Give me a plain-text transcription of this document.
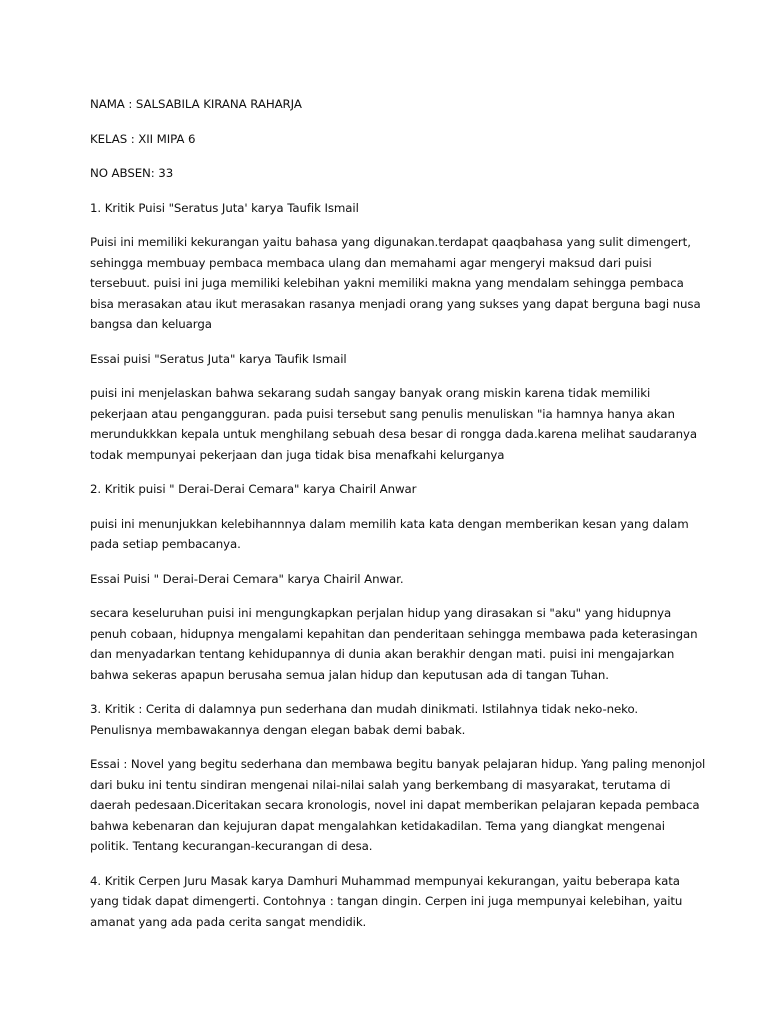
NAMA : SALSABILA KIRANA RAHARJA

KELAS : XII MIPA 6

NO ABSEN: 33

1. Kritik Puisi "Seratus Juta' karya Taufik Ismail

Puisi ini memiliki kekurangan yaitu bahasa yang digunakan.terdapat qaaqbahasa yang sulit dimengert,
sehingga membuay pembaca membaca ulang dan memahami agar mengeryi maksud dari puisi
tersebuut. puisi ini juga memiliki kelebihan yakni memiliki makna yang mendalam sehingga pembaca
bisa merasakan atau ikut merasakan rasanya menjadi orang yang sukses yang dapat berguna bagi nusa
bangsa dan keluarga

Essai puisi "Seratus Juta" karya Taufik Ismail

puisi ini menjelaskan bahwa sekarang sudah sangay banyak orang miskin karena tidak memiliki
pekerjaan atau pengangguran. pada puisi tersebut sang penulis menuliskan "ia hamnya hanya akan
merundukkkan kepala untuk menghilang sebuah desa besar di rongga dada.karena melihat saudaranya
todak mempunyai pekerjaan dan juga tidak bisa menafkahi kelurganya

2. Kritik puisi " Derai-Derai Cemara" karya Chairil Anwar

puisi ini menunjukkan kelebihannnya dalam memilih kata kata dengan memberikan kesan yang dalam
pada setiap pembacanya.

Essai Puisi " Derai-Derai Cemara" karya Chairil Anwar.

secara keseluruhan puisi ini mengungkapkan perjalan hidup yang dirasakan si "aku" yang hidupnya
penuh cobaan, hidupnya mengalami kepahitan dan penderitaan sehingga membawa pada keterasingan
dan menyadarkan tentang kehidupannya di dunia akan berakhir dengan mati. puisi ini mengajarkan
bahwa sekeras apapun berusaha semua jalan hidup dan keputusan ada di tangan Tuhan.

3. Kritik : Cerita di dalamnya pun sederhana dan mudah dinikmati. Istilahnya tidak neko-neko.
Penulisnya membawakannya dengan elegan babak demi babak.

Essai : Novel yang begitu sederhana dan membawa begitu banyak pelajaran hidup. Yang paling menonjol
dari buku ini tentu sindiran mengenai nilai-nilai salah yang berkembang di masyarakat, terutama di
daerah pedesaan.Diceritakan secara kronologis, novel ini dapat memberikan pelajaran kepada pembaca
bahwa kebenaran dan kejujuran dapat mengalahkan ketidakadilan. Tema yang diangkat mengenai
politik. Tentang kecurangan-kecurangan di desa.

4. Kritik Cerpen Juru Masak karya Damhuri Muhammad mempunyai kekurangan, yaitu beberapa kata
yang tidak dapat dimengerti. Contohnya : tangan dingin. Cerpen ini juga mempunyai kelebihan, yaitu
amanat yang ada pada cerita sangat mendidik.
